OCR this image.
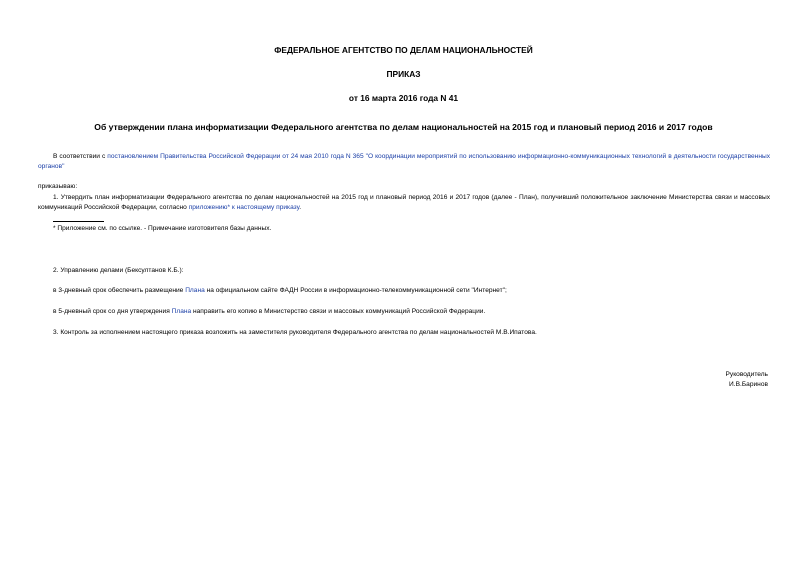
ФЕДЕРАЛЬНОЕ АГЕНТСТВО ПО ДЕЛАМ НАЦИОНАЛЬНОСТЕЙ
ПРИКАЗ
от 16 марта 2016 года N 41
Об утверждении плана информатизации Федерального агентства по делам национальностей на 2015 год и плановый период 2016 и 2017 годов
В соответствии с постановлением Правительства Российской Федерации от 24 мая 2010 года N 365 "О координации мероприятий по использованию информационно-коммуникационных технологий в деятельности государственных органов"
приказываю:
1. Утвердить план информатизации Федерального агентства по делам национальностей на 2015 год и плановый период 2016 и 2017 годов (далее - План), получивший положительное заключение Министерства связи и массовых коммуникаций Российской Федерации, согласно приложению* к настоящему приказу.
* Приложение см. по ссылке. - Примечание изготовителя базы данных.
2. Управлению делами (Бексултанов К.Б.):
в 3-дневный срок обеспечить размещение Плана на официальном сайте ФАДН России в информационно-телекоммуникационной сети "Интернет";
в 5-дневный срок со дня утверждения Плана направить его копию в Министерство связи и массовых коммуникаций Российской Федерации.
3. Контроль за исполнением настоящего приказа возложить на заместителя руководителя Федерального агентства по делам национальностей М.В.Ипатова.
Руководитель
И.В.Баринов
